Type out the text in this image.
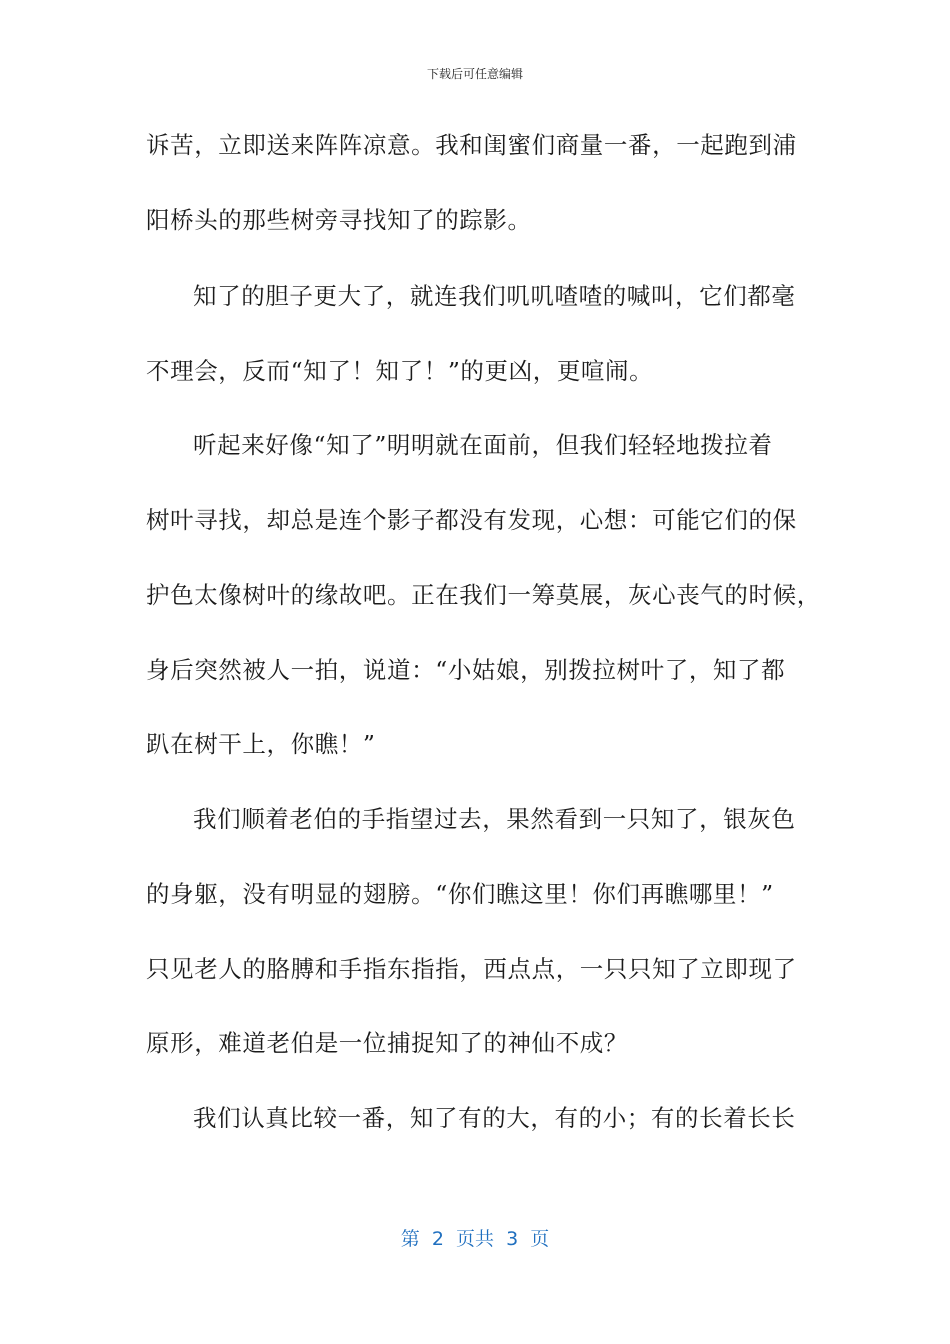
下载后可任意编辑
诉苦，立即送来阵阵凉意。我和闺蜜们商量一番，一起跑到浦
阳桥头的那些树旁寻找知了的踪影。
知了的胆子更大了，就连我们叽叽喳喳的喊叫，它们都毫
不理会，反而“知了！知了！”的更凶，更喧闹。
听起来好像“知了”明明就在面前，但我们轻轻地拨拉着
树叶寻找，却总是连个影子都没有发现，心想：可能它们的保
护色太像树叶的缘故吧。正在我们一筹莫展，灰心丧气的时候，
身后突然被人一拍，说道：“小姑娘，别拨拉树叶了，知了都
趴在树干上，你瞧！”
我们顺着老伯的手指望过去，果然看到一只知了，银灰色
的身躯，没有明显的翅膀。“你们瞧这里！你们再瞧哪里！”
只见老人的胳膊和手指东指指，西点点，一只只知了立即现了
原形，难道老伯是一位捕捉知了的神仙不成？
我们认真比较一番，知了有的大，有的小；有的长着长长
第  2  页共  3  页
